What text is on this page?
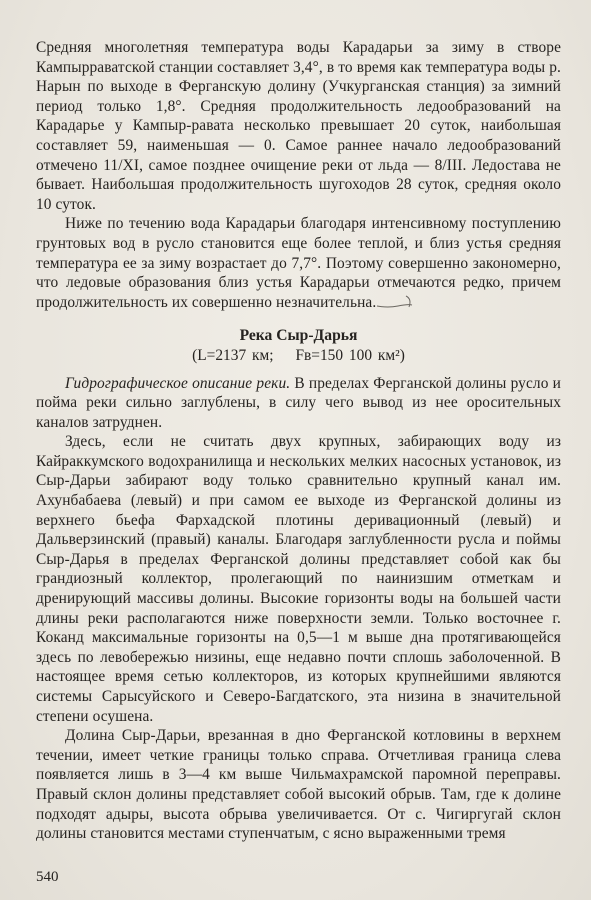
Средняя многолетняя температура воды Карадарьи за зиму в створе Кампырраватской станции составляет 3,4°, в то время как температура воды р. Нарын по выходе в Ферганскую долину (Учкурганская станция) за зимний период только 1,8°. Средняя продолжительность ледообразований на Карадарье у Кампыр-равата несколько превышает 20 суток, наибольшая составляет 59, наименьшая — 0. Самое раннее начало ледообразований отмечено 11/XI, самое позднее очищение реки от льда — 8/III. Ледостава не бывает. Наибольшая продолжительность шугоходов 28 суток, средняя около 10 суток.

Ниже по течению вода Карадарьи благодаря интенсивному поступлению грунтовых вод в русло становится еще более теплой, и близ устья средняя температура ее за зиму возрастает до 7,7°. Поэтому совершенно закономерно, что ледовые образования близ устья Карадарьи отмечаются редко, причем продолжительность их совершенно незначительна.

Река Сыр-Дарья
(L=2137 км; Fв=150 100 км²)

Гидрографическое описание реки. В пределах Ферганской долины русло и пойма реки сильно заглублены, в силу чего вывод из нее оросительных каналов затруднен.

Здесь, если не считать двух крупных, забирающих воду из Кайраккумского водохранилища и нескольких мелких насосных установок, из Сыр-Дарьи забирают воду только сравнительно крупный канал им. Ахунбабаева (левый) и при самом ее выходе из Ферганской долины из верхнего бьефа Фархадской плотины деривационный (левый) и Дальверзинский (правый) каналы. Благодаря заглубленности русла и поймы Сыр-Дарья в пределах Ферганской долины представляет собой как бы грандиозный коллектор, пролегающий по наинизшим отметкам и дренирующий массивы долины. Высокие горизонты воды на большей части длины реки располагаются ниже поверхности земли. Только восточнее г. Коканд максимальные горизонты на 0,5—1 м выше дна протягивающейся здесь по левобережью низины, еще недавно почти сплошь заболоченной. В настоящее время сетью коллекторов, из которых крупнейшими являются системы Сарысуйского и Северо-Багдатского, эта низина в значительной степени осушена.

Долина Сыр-Дарьи, врезанная в дно Ферганской котловины в верхнем течении, имеет четкие границы только справа. Отчетливая граница слева появляется лишь в 3—4 км выше Чильмахрамской паромной переправы. Правый склон долины представляет собой высокий обрыв. Там, где к долине подходят адыры, высота обрыва увеличивается. От с. Чигиргугай склон долины становится местами ступенчатым, с ясно выраженными тремя

540
